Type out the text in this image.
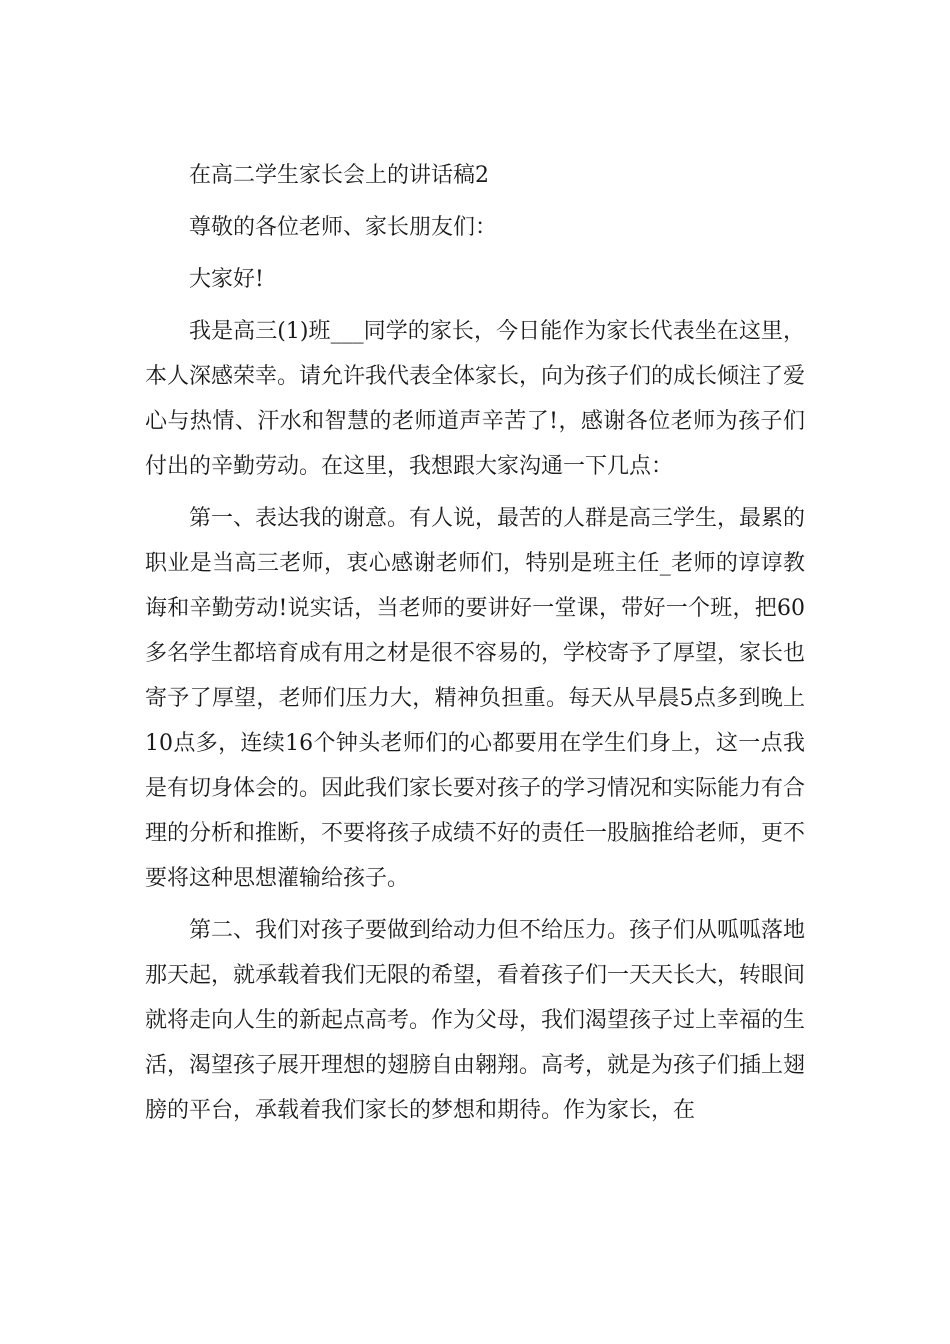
在高二学生家长会上的讲话稿2

尊敬的各位老师、家长朋友们：

大家好!

我是高三(1)班___同学的家长，今日能作为家长代表坐在这里，本人深感荣幸。请允许我代表全体家长，向为孩子们的成长倾注了爱心与热情、汗水和智慧的老师道声辛苦了!，感谢各位老师为孩子们付出的辛勤劳动。在这里，我想跟大家沟通一下几点：

第一、表达我的谢意。有人说，最苦的人群是高三学生，最累的职业是当高三老师，衷心感谢老师们，特别是班主任_老师的谆谆教诲和辛勤劳动!说实话，当老师的要讲好一堂课，带好一个班，把60多名学生都培育成有用之材是很不容易的，学校寄予了厚望，家长也寄予了厚望，老师们压力大，精神负担重。每天从早晨5点多到晚上10点多，连续16个钟头老师们的心都要用在学生们身上，这一点我是有切身体会的。因此我们家长要对孩子的学习情况和实际能力有合理的分析和推断，不要将孩子成绩不好的责任一股脑推给老师，更不要将这种思想灌输给孩子。

第二、我们对孩子要做到给动力但不给压力。孩子们从呱呱落地那天起，就承载着我们无限的希望，看着孩子们一天天长大，转眼间就将走向人生的新起点高考。作为父母，我们渴望孩子过上幸福的生活，渴望孩子展开理想的翅膀自由翱翔。高考，就是为孩子们插上翅膀的平台，承载着我们家长的梦想和期待。作为家长，在
